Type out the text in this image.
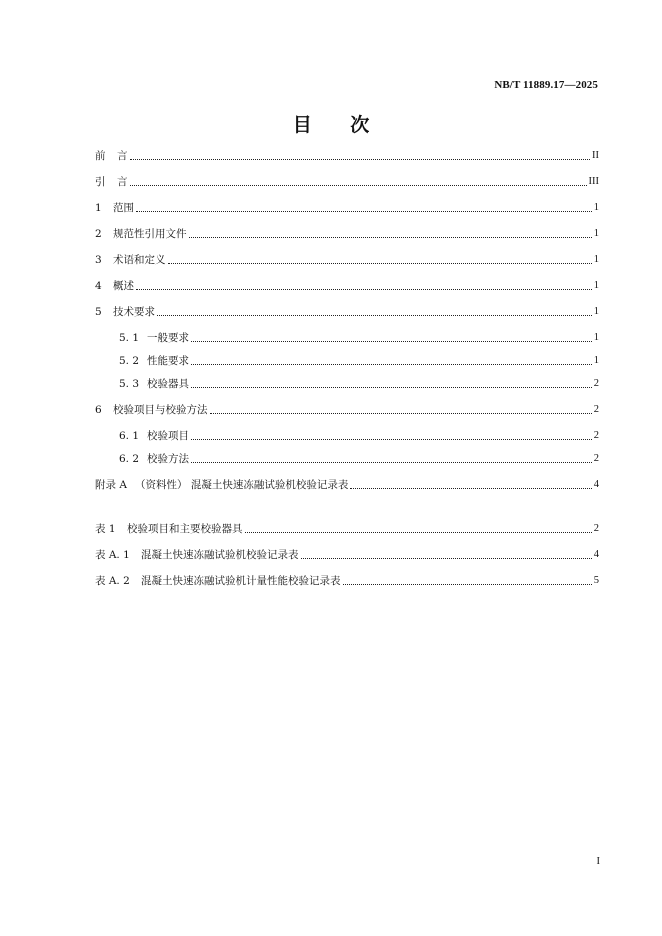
NB/T 11889.17—2025
目 次
前	言	II
引	言	III
1	范围	1
2	规范性引用文件	1
3	术语和定义	1
4	概述	1
5	技术要求	1
5. 1 一般要求	1
5. 2 性能要求	1
5. 3 校验器具	2
6	校验项目与校验方法	2
6. 1 校验项目	2
6. 2 校验方法	2
附录 A （资料性） 混凝土快速冻融试验机校验记录表	4
表 1	校验项目和主要校验器具	2
表 A. 1	混凝土快速冻融试验机校验记录表	4
表 A. 2	混凝土快速冻融试验机计量性能校验记录表	5
I
